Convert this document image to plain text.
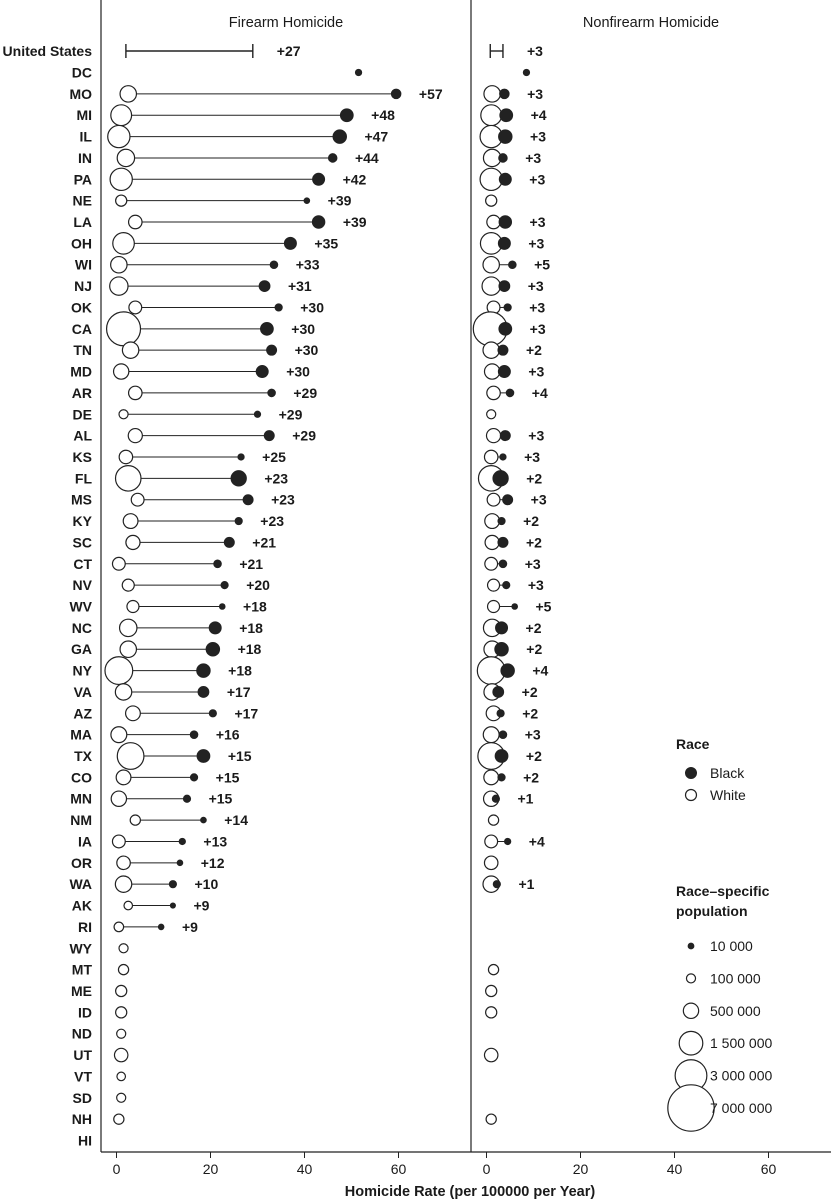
Firearm Homicide
0	20	40	60
Nonfirearm Homicide
0	20	40	60
Homicide Rate (per 100000 per Year)
United States	+27	+3
DC
MO	+57	+3
MI	+48	+4
IL	+47	+3
IN	+44	+3
PA	+42	+3
NE	+39
LA	+39	+3
OH	+35	+3
WI	+33	+5
NJ	+31	+3
OK	+30	+3
CA	+30	+3
TN	+30	+2
MD	+30	+3
AR	+29	+4
DE	+29
AL	+29	+3
KS	+25	+3
FL	+23	+2
MS	+23	+3
KY	+23	+2
SC	+21	+2
CT	+21	+3
NV	+20	+3
WV	+18	+5
NC	+18	+2
GA	+18	+2
NY	+18	+4
VA	+17	+2
AZ	+17	+2
MA	+16	+3
TX	+15	+2
CO	+15	+2
MN	+15	+1
NM	+14
IA	+13	+4
OR	+12
WA	+10	+1
AK	+9
RI	+9
WY
MT
ME
ID
ND
UT
VT
SD
NH
HI
Race
Black
White
Race–specific population
10 000
100 000
500 000
1 500 000
3 000 000
7 000 000
